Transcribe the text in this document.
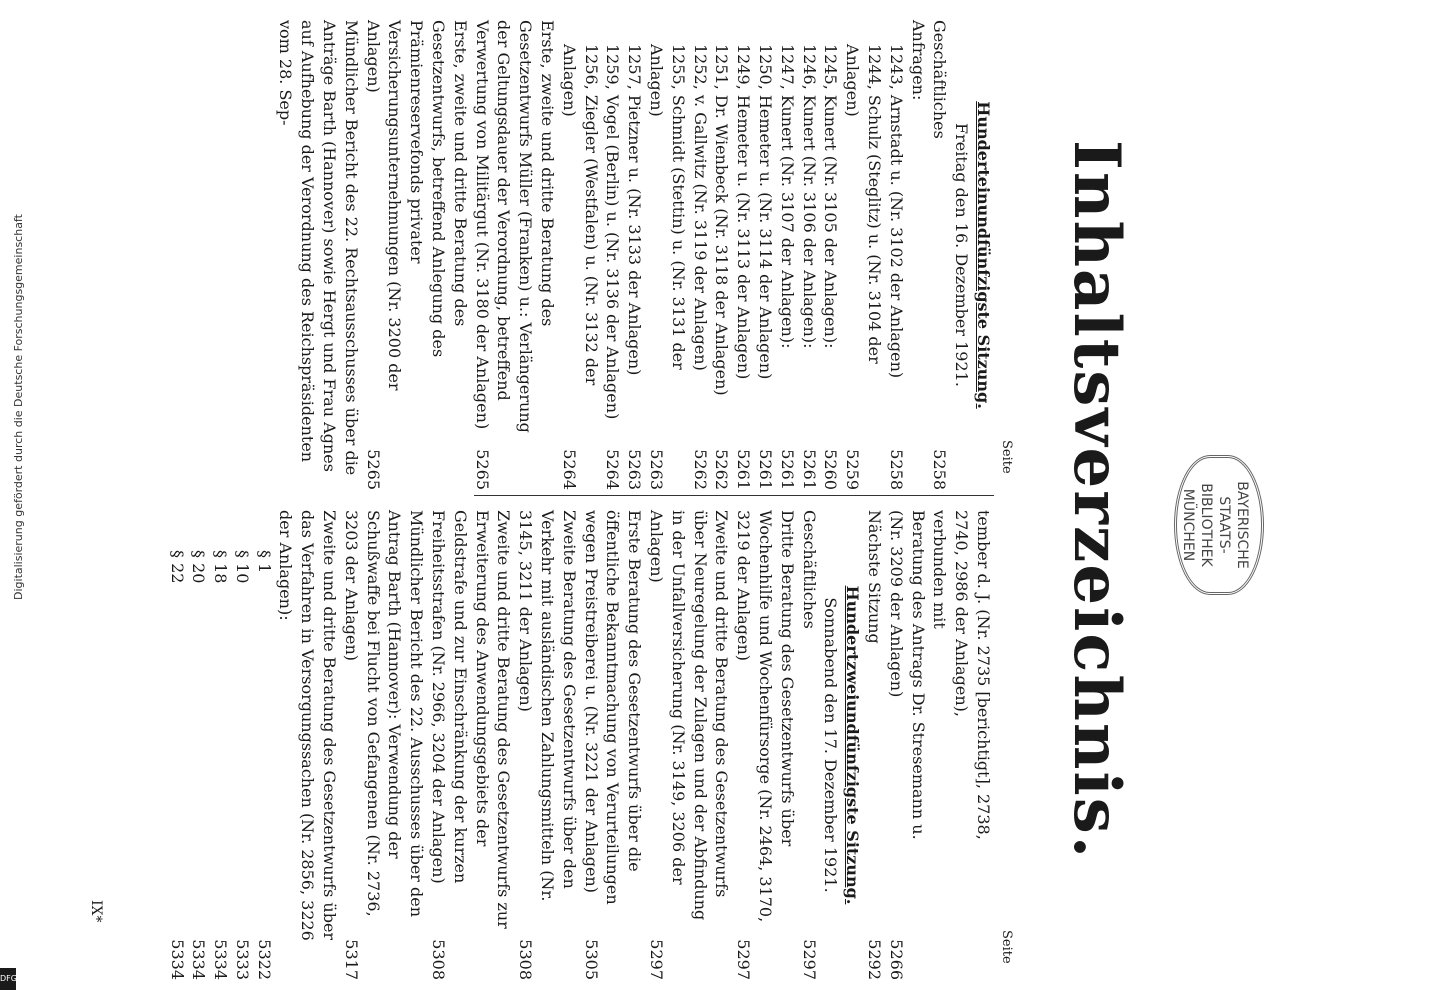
Inhaltsverzeichnis.	BAYERISCHE STAATS- BIBLIOTHEK MÜNCHEN
Seite
Seite
Hunderteinundfünfzigste Sitzung.
Freitag den 16. Dezember 1921.
Geschäftliches
5258
Anfragen:
1243, Arnstadt u. (Nr. 3102 der Anlagen)
5258
1244, Schulz (Steglitz) u. (Nr. 3104 der Anlagen)
5259
1245, Kunert (Nr. 3105 der Anlagen):
5260
1246, Kunert (Nr. 3106 der Anlagen):
5261
1247, Kunert (Nr. 3107 der Anlagen):
5261
1250, Hemeter u. (Nr. 3114 der Anlagen)
5261
1249, Hemeter u. (Nr. 3113 der Anlagen)
5261
1251, Dr. Wienbeck (Nr. 3118 der Anlagen)
5262
1252, v. Gallwitz (Nr. 3119 der Anlagen)
5262
1255, Schmidt (Stettin) u. (Nr. 3131 der Anlagen)
5263
1257, Pietzner u. (Nr. 3133 der Anlagen)
5263
1259, Vogel (Berlin) u. (Nr. 3136 der Anlagen)
5264
1256, Ziegler (Westfalen) u. (Nr. 3132 der Anlagen)
5264
Erste, zweite und dritte Beratung des Gesetzentwurfs Müller (Franken) u.: Verlängerung der Geltungsdauer der Verordnung, betreffend Verwertung von Militärgut (Nr. 3180 der Anlagen)
5265
Erste, zweite und dritte Beratung des Gesetzentwurfs, betreffend Anlegung des Prämienreservefonds privater Versicherungsunternehmungen (Nr. 3200 der Anlagen)
5265
Mündlicher Bericht des 22. Rechtsausschusses über die Anträge Barth (Hannover) sowie Hergt und Frau Agnes auf Aufhebung der Verordnung des Reichspräsidenten vom 28. Sep-
tember d. J. (Nr. 2735 [berichtigt], 2738,
2740, 2986 der Anlagen),
verbunden mit
Beratung des Antrags Dr. Stresemann u.
(Nr. 3209 der Anlagen)
5266
Nächste Sitzung
5292
Hundertzweiundfünfzigste Sitzung.
Sonnabend den 17. Dezember 1921.
Geschäftliches
5297
Dritte Beratung des Gesetzentwurfs über Wochenhilfe und Wochenfürsorge (Nr. 2464, 3170, 3219 der Anlagen)
5297
Zweite und dritte Beratung des Gesetzentwurfs über Neuregelung der Zulagen und der Abfindung in der Unfallversicherung (Nr. 3149, 3206 der Anlagen)
5297
Erste Beratung des Gesetzentwurfs über die öffentliche Bekanntmachung von Verurteilungen wegen Preistreiberei u. (Nr. 3221 der Anlagen)
5305
Zweite Beratung des Gesetzentwurfs über den Verkehr mit ausländischen Zahlungsmitteln (Nr. 3145, 3211 der Anlagen)
5308
Zweite und dritte Beratung des Gesetzentwurfs zur Erweiterung des Anwendungsgebiets der Geldstrafe und zur Einschränkung der kurzen Freiheitsstrafen (Nr. 2966, 3204 der Anlagen)
5308
Mündlicher Bericht des 22. Ausschusses über den Antrag Barth (Hannover): Verwendung der Schußwaffe bei Flucht von Gefangenen (Nr. 2736, 3203 der Anlagen)
5317
Zweite und dritte Beratung des Gesetzentwurfs über das Verfahren in Versorgungssachen (Nr. 2856, 3226 der Anlagen):
§ 1
5322
§ 10
5333
§ 18
5334
§ 20
5334
§ 22
5334
IX*
Digitalisierung gefördert durch die Deutsche Forschungsgemeinschaft
DFG
